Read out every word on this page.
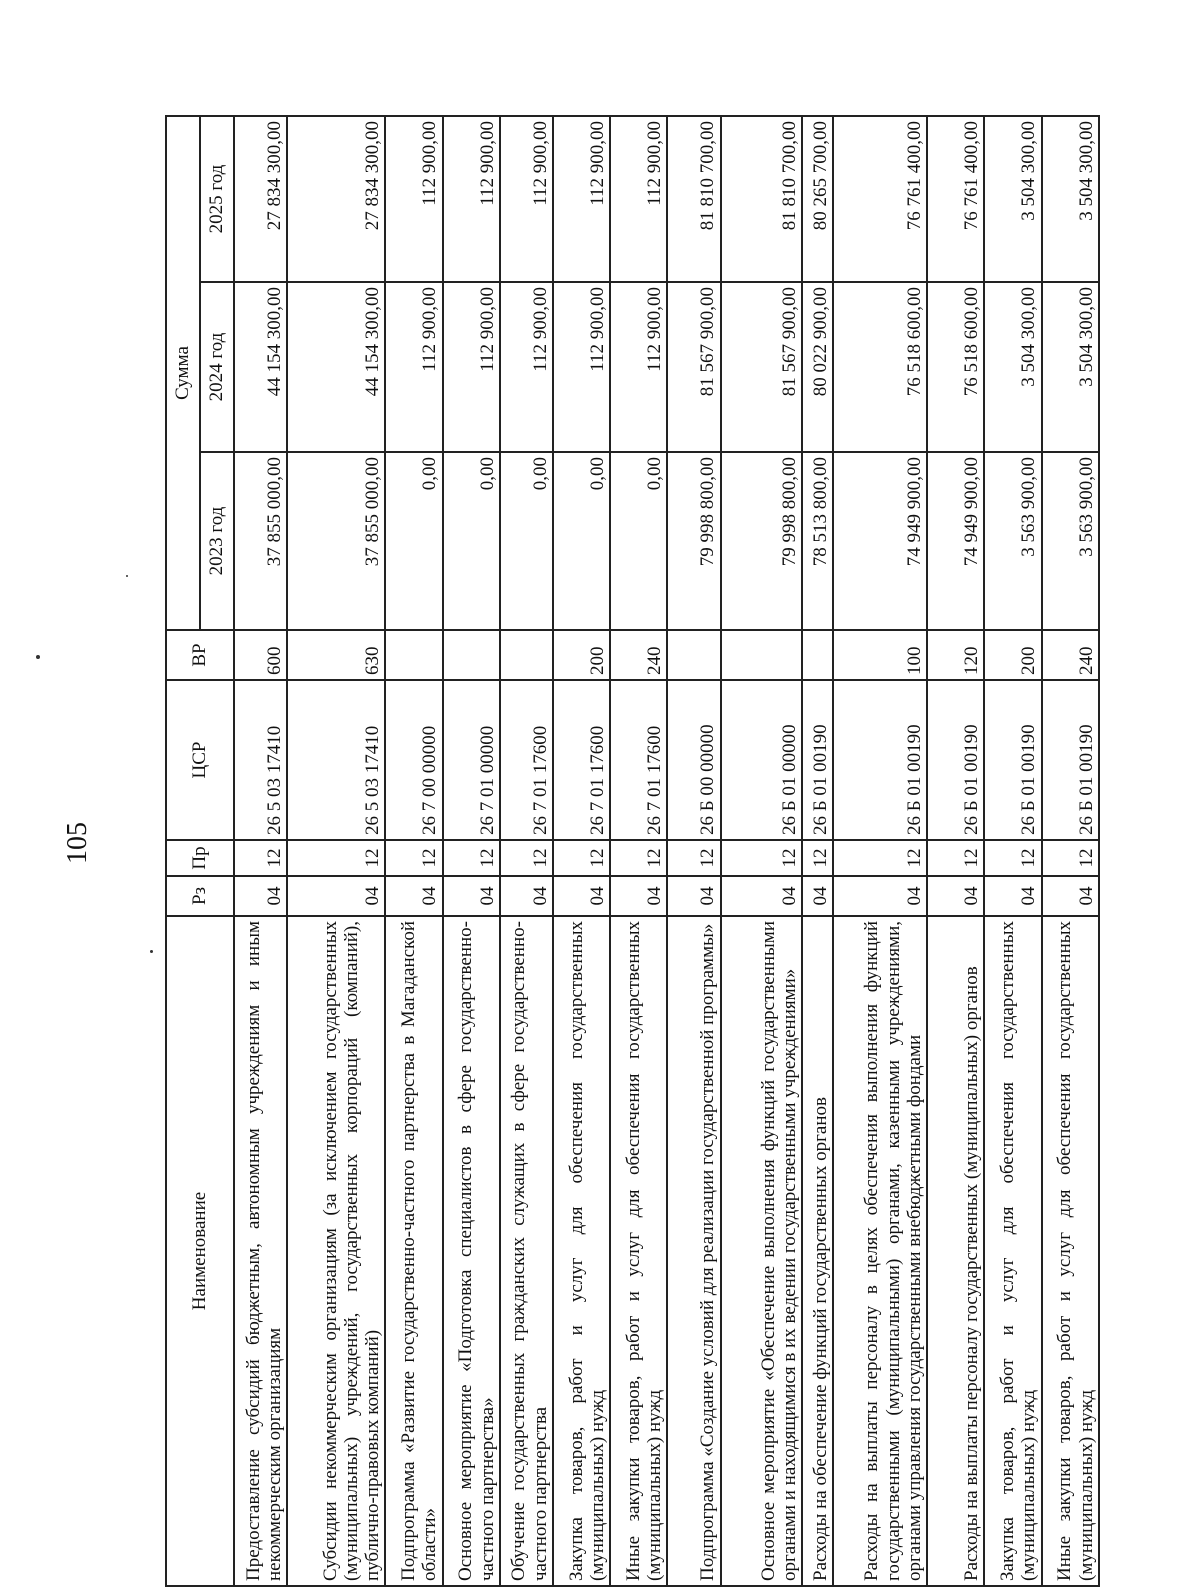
105
Наименование	Рз	Пр	ЦСР	ВР	Сумма		
					2023 год	2024 год	2025 год
Предоставление субсидий бюджетным, автономным учреждениям и иным некоммерческим организациям	04	12	26 5 03 17410	600	37 855 000,00	44 154 300,00	27 834 300,00
Субсидии некоммерческим организациям (за исключением государственных (муниципальных) учреждений, государственных корпораций (компаний), публично-правовых компаний)	04	12	26 5 03 17410	630	37 855 000,00	44 154 300,00	27 834 300,00
Подпрограмма «Развитие государственно-частного партнерства в Магаданской области»	04	12	26 7 00 00000		0,00	112 900,00	112 900,00
Основное мероприятие «Подготовка специалистов в сфере государственно-частного партнерства»	04	12	26 7 01 00000		0,00	112 900,00	112 900,00
Обучение государственных гражданских служащих в сфере государственно-частного партнерства	04	12	26 7 01 17600		0,00	112 900,00	112 900,00
Закупка товаров, работ и услуг для обеспечения государственных (муниципальных) нужд	04	12	26 7 01 17600	200	0,00	112 900,00	112 900,00
Иные закупки товаров, работ и услуг для обеспечения государственных (муниципальных) нужд	04	12	26 7 01 17600	240	0,00	112 900,00	112 900,00
Подпрограмма «Создание условий для реализации государственной программы»	04	12	26 Б 00 00000		79 998 800,00	81 567 900,00	81 810 700,00
Основное мероприятие «Обеспечение выполнения функций государственными органами и находящимися в их ведении государственными учреждениями»	04	12	26 Б 01 00000		79 998 800,00	81 567 900,00	81 810 700,00
Расходы на обеспечение функций государственных органов	04	12	26 Б 01 00190		78 513 800,00	80 022 900,00	80 265 700,00
Расходы на выплаты персоналу в целях обеспечения выполнения функций государственными (муниципальными) органами, казенными учреждениями, органами управления государственными внебюджетными фондами	04	12	26 Б 01 00190	100	74 949 900,00	76 518 600,00	76 761 400,00
Расходы на выплаты персоналу государственных (муниципальных) органов	04	12	26 Б 01 00190	120	74 949 900,00	76 518 600,00	76 761 400,00
Закупка товаров, работ и услуг для обеспечения государственных (муниципальных) нужд	04	12	26 Б 01 00190	200	3 563 900,00	3 504 300,00	3 504 300,00
Иные закупки товаров, работ и услуг для обеспечения государственных (муниципальных) нужд	04	12	26 Б 01 00190	240	3 563 900,00	3 504 300,00	3 504 300,00
